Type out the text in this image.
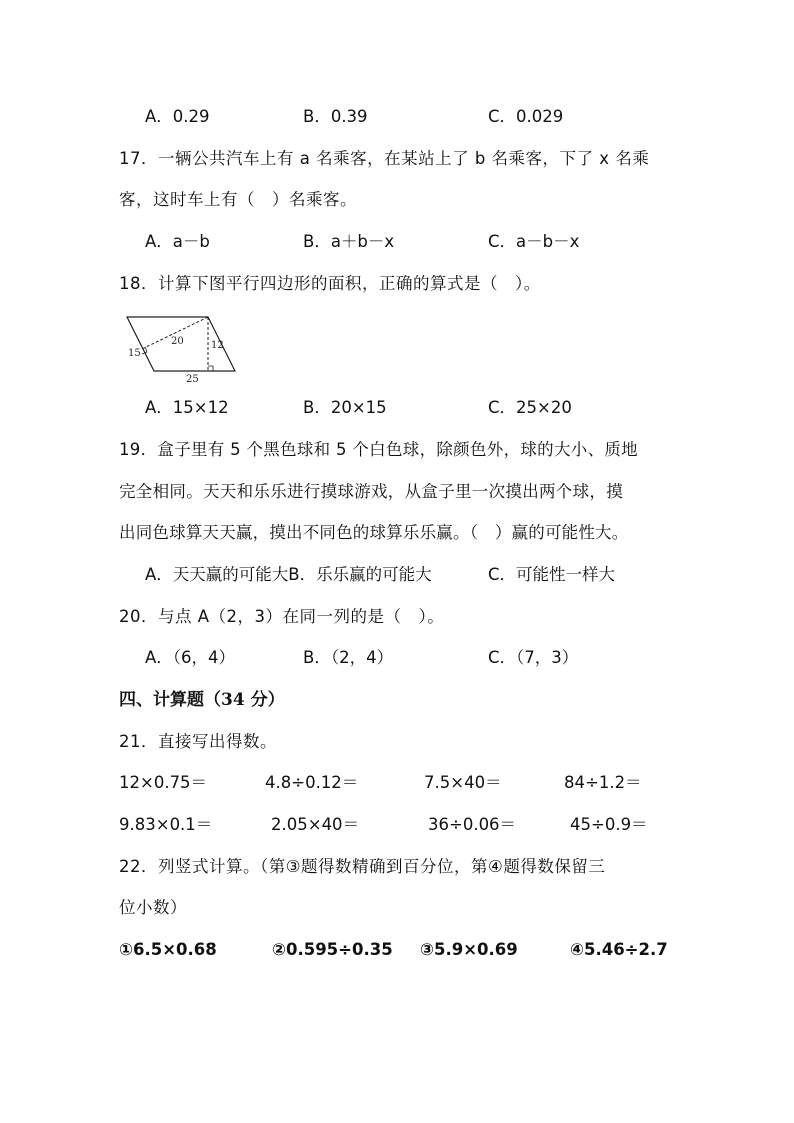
A．0.29	B．0.39	C．0.029
17．一辆公共汽车上有 a 名乘客，在某站上了 b 名乘客，下了 x 名乘
客，这时车上有（　）名乘客。
A．a－b	B．a＋b－x	C．a－b－x
18．计算下图平行四边形的面积，正确的算式是（　）。
15
20	12
25
A．15×12	B．20×15	C．25×20
19．盒子里有 5 个黑色球和 5 个白色球，除颜色外，球的大小、质地
完全相同。天天和乐乐进行摸球游戏，从盒子里一次摸出两个球，摸
出同色球算天天赢，摸出不同色的球算乐乐赢。（　）赢的可能性大。
A．天天赢的可能大B．乐乐赢的可能大	C．可能性一样大
20．与点 A（2，3）在同一列的是（　）。
A．（6，4）	B．（2，4）	C．（7，3）
四、计算题（34 分）
21．直接写出得数。
12×0.75＝	4.8÷0.12＝	7.5×40＝	84÷1.2＝
9.83×0.1＝	2.05×40＝	36÷0.06＝	45÷0.9＝
22．列竖式计算。（第③题得数精确到百分位，第④题得数保留三
位小数）
①6.5×0.68	②0.595÷0.35 ③5.9×0.69	④5.46÷2.7
